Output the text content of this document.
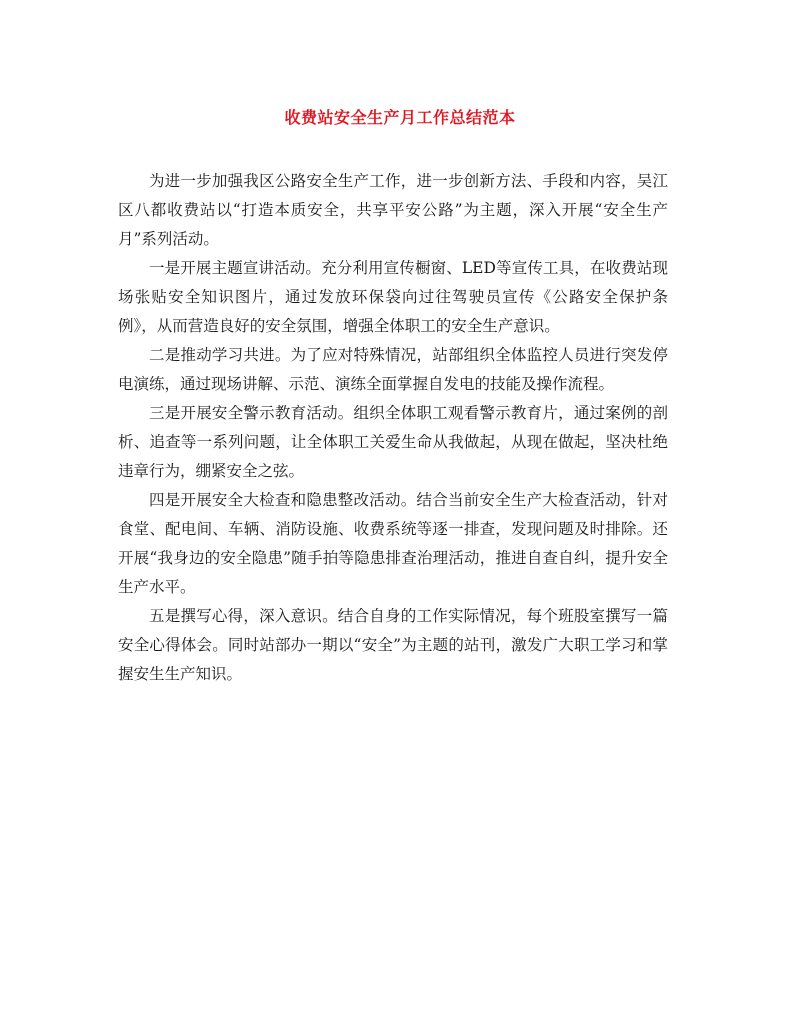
收费站安全生产月工作总结范本

为进一步加强我区公路安全生产工作，进一步创新方法、手段和内容，吴江区八都收费站以“打造本质安全，共享平安公路”为主题，深入开展“安全生产月”系列活动。

一是开展主题宣讲活动。充分利用宣传橱窗、LED等宣传工具，在收费站现场张贴安全知识图片，通过发放环保袋向过往驾驶员宣传《公路安全保护条例》，从而营造良好的安全氛围，增强全体职工的安全生产意识。

二是推动学习共进。为了应对特殊情况，站部组织全体监控人员进行突发停电演练，通过现场讲解、示范、演练全面掌握自发电的技能及操作流程。

三是开展安全警示教育活动。组织全体职工观看警示教育片，通过案例的剖析、追查等一系列问题，让全体职工关爱生命从我做起，从现在做起，坚决杜绝违章行为，绷紧安全之弦。

四是开展安全大检查和隐患整改活动。结合当前安全生产大检查活动，针对食堂、配电间、车辆、消防设施、收费系统等逐一排查，发现问题及时排除。还开展“我身边的安全隐患”随手拍等隐患排查治理活动，推进自查自纠，提升安全生产水平。

五是撰写心得，深入意识。结合自身的工作实际情况，每个班股室撰写一篇安全心得体会。同时站部办一期以“安全”为主题的站刊，激发广大职工学习和掌握安生生产知识。
